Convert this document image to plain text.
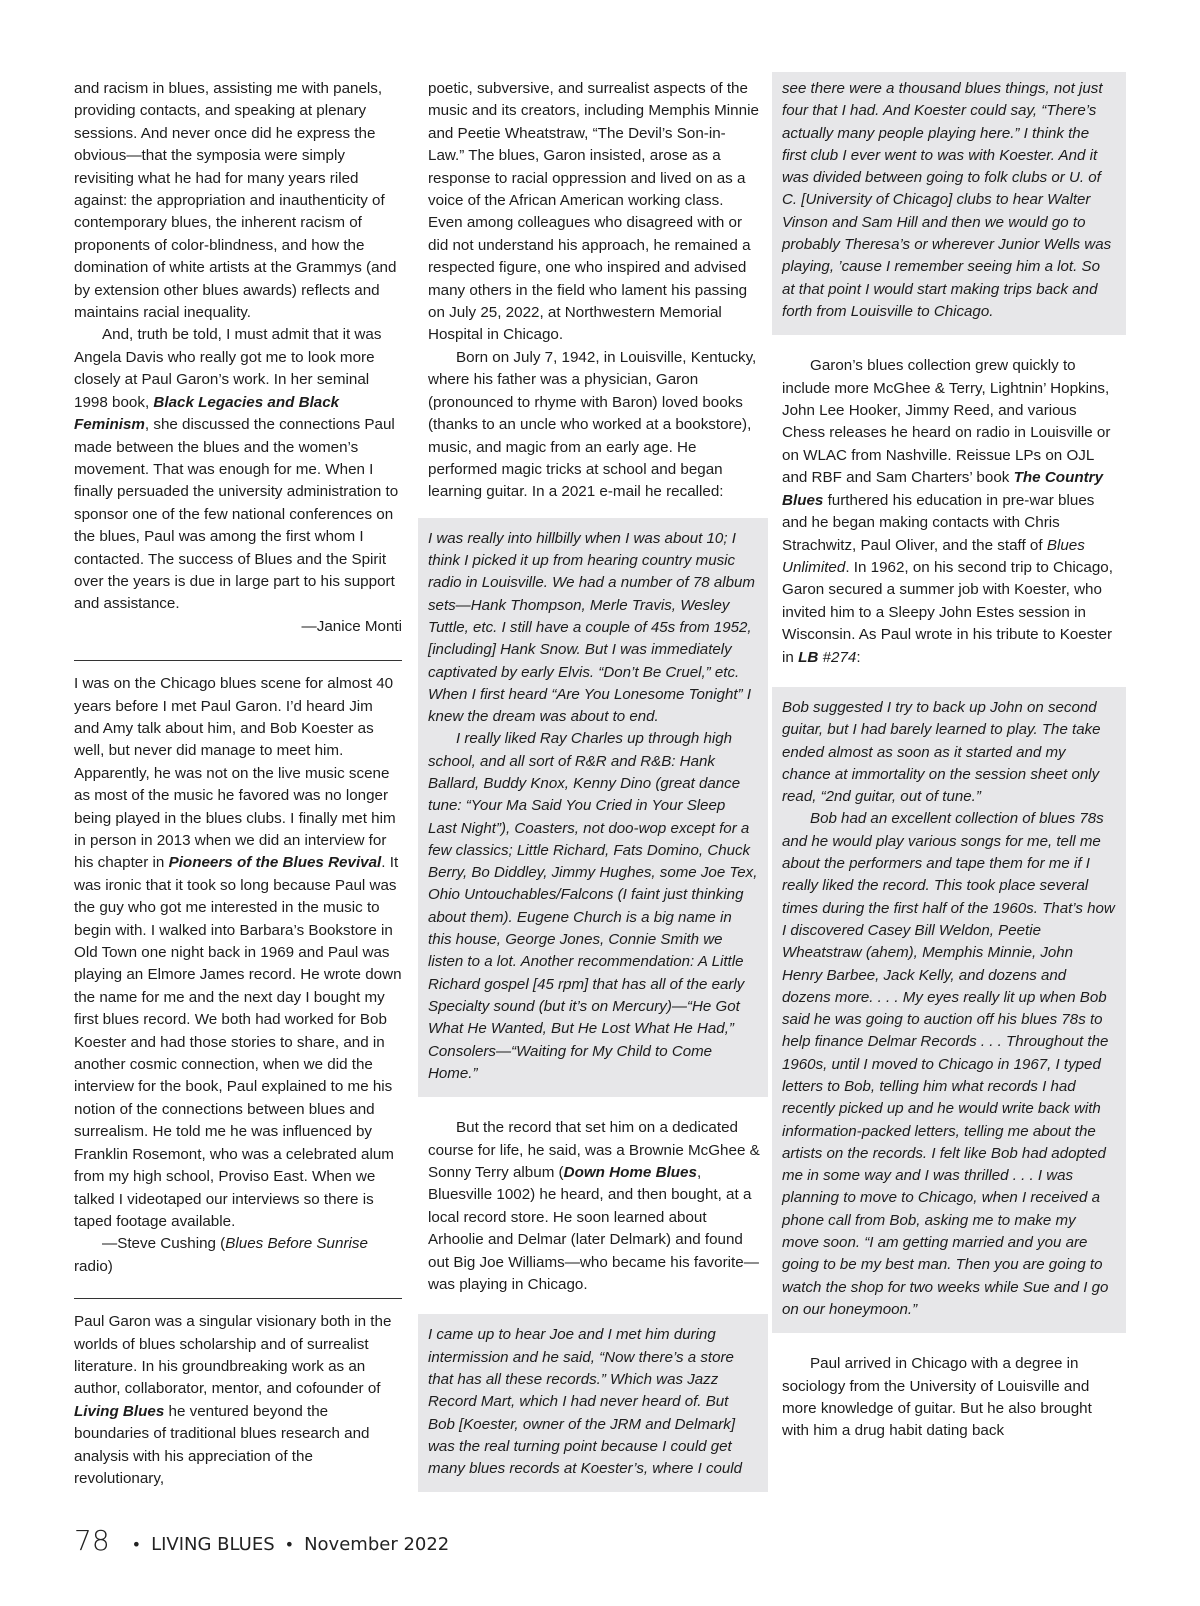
and racism in blues, assisting me with panels, providing contacts, and speaking at plenary sessions. And never once did he express the obvious—that the symposia were simply revisiting what he had for many years riled against: the appropriation and inauthenticity of contemporary blues, the inherent racism of proponents of color-blindness, and how the domination of white artists at the Grammys (and by extension other blues awards) reflects and maintains racial inequality.

And, truth be told, I must admit that it was Angela Davis who really got me to look more closely at Paul Garon’s work. In her seminal 1998 book, Black Legacies and Black Feminism, she discussed the connections Paul made between the blues and the women’s movement. That was enough for me. When I finally persuaded the university administration to sponsor one of the few national conferences on the blues, Paul was among the first whom I contacted. The success of Blues and the Spirit over the years is due in large part to his support and assistance.

—Janice Monti

I was on the Chicago blues scene for almost 40 years before I met Paul Garon. I’d heard Jim and Amy talk about him, and Bob Koester as well, but never did manage to meet him. Apparently, he was not on the live music scene as most of the music he favored was no longer being played in the blues clubs. I finally met him in person in 2013 when we did an interview for his chapter in Pioneers of the Blues Revival. It was ironic that it took so long because Paul was the guy who got me interested in the music to begin with. I walked into Barbara’s Bookstore in Old Town one night back in 1969 and Paul was playing an Elmore James record. He wrote down the name for me and the next day I bought my first blues record. We both had worked for Bob Koester and had those stories to share, and in another cosmic connection, when we did the interview for the book, Paul explained to me his notion of the connections between blues and surrealism. He told me he was influenced by Franklin Rosemont, who was a celebrated alum from my high school, Proviso East. When we talked I videotaped our interviews so there is taped footage available.

—Steve Cushing (Blues Before Sunrise radio)

Paul Garon was a singular visionary both in the worlds of blues scholarship and of surrealist literature. In his groundbreaking work as an author, collaborator, mentor, and cofounder of Living Blues he ventured beyond the boundaries of traditional blues research and analysis with his appreciation of the revolutionary,

poetic, subversive, and surrealist aspects of the music and its creators, including Memphis Minnie and Peetie Wheatstraw, “The Devil’s Son-in-Law.” The blues, Garon insisted, arose as a response to racial oppression and lived on as a voice of the African American working class. Even among colleagues who disagreed with or did not understand his approach, he remained a respected figure, one who inspired and advised many others in the field who lament his passing on July 25, 2022, at Northwestern Memorial Hospital in Chicago.

Born on July 7, 1942, in Louisville, Kentucky, where his father was a physician, Garon (pronounced to rhyme with Baron) loved books (thanks to an uncle who worked at a bookstore), music, and magic from an early age. He performed magic tricks at school and began learning guitar. In a 2021 e-mail he recalled:

I was really into hillbilly when I was about 10; I think I picked it up from hearing country music radio in Louisville. We had a number of 78 album sets—Hank Thompson, Merle Travis, Wesley Tuttle, etc. I still have a couple of 45s from 1952, [including] Hank Snow. But I was immediately captivated by early Elvis. “Don’t Be Cruel,” etc. When I first heard “Are You Lonesome Tonight” I knew the dream was about to end.

I really liked Ray Charles up through high school, and all sort of R&R and R&B: Hank Ballard, Buddy Knox, Kenny Dino (great dance tune: “Your Ma Said You Cried in Your Sleep Last Night”), Coasters, not doo-wop except for a few classics; Little Richard, Fats Domino, Chuck Berry, Bo Diddley, Jimmy Hughes, some Joe Tex, Ohio Untouchables/Falcons (I faint just thinking about them). Eugene Church is a big name in this house, George Jones, Connie Smith we listen to a lot. Another recommendation: A Little Richard gospel [45 rpm] that has all of the early Specialty sound (but it’s on Mercury)—“He Got What He Wanted, But He Lost What He Had,” Consolers—“Waiting for My Child to Come Home.”

But the record that set him on a dedicated course for life, he said, was a Brownie McGhee & Sonny Terry album (Down Home Blues, Bluesville 1002) he heard, and then bought, at a local record store. He soon learned about Arhoolie and Delmar (later Delmark) and found out Big Joe Williams—who became his favorite—was playing in Chicago.

I came up to hear Joe and I met him during intermission and he said, “Now there’s a store that has all these records.” Which was Jazz Record Mart, which I had never heard of. But Bob [Koester, owner of the JRM and Delmark] was the real turning point because I could get many blues records at Koester’s, where I could

see there were a thousand blues things, not just four that I had. And Koester could say, “There’s actually many people playing here.” I think the first club I ever went to was with Koester. And it was divided between going to folk clubs or U. of C. [University of Chicago] clubs to hear Walter Vinson and Sam Hill and then we would go to probably Theresa’s or wherever Junior Wells was playing, ’cause I remember seeing him a lot. So at that point I would start making trips back and forth from Louisville to Chicago.

Garon’s blues collection grew quickly to include more McGhee & Terry, Lightnin’ Hopkins, John Lee Hooker, Jimmy Reed, and various Chess releases he heard on radio in Louisville or on WLAC from Nashville. Reissue LPs on OJL and RBF and Sam Charters’ book The Country Blues furthered his education in pre-war blues and he began making contacts with Chris Strachwitz, Paul Oliver, and the staff of Blues Unlimited. In 1962, on his second trip to Chicago, Garon secured a summer job with Koester, who invited him to a Sleepy John Estes session in Wisconsin. As Paul wrote in his tribute to Koester in LB #274:

Bob suggested I try to back up John on second guitar, but I had barely learned to play. The take ended almost as soon as it started and my chance at immortality on the session sheet only read, “2nd guitar, out of tune.”

Bob had an excellent collection of blues 78s and he would play various songs for me, tell me about the performers and tape them for me if I really liked the record. This took place several times during the first half of the 1960s. That’s how I discovered Casey Bill Weldon, Peetie Wheatstraw (ahem), Memphis Minnie, John Henry Barbee, Jack Kelly, and dozens and dozens more. . . . My eyes really lit up when Bob said he was going to auction off his blues 78s to help finance Delmar Records . . . Throughout the 1960s, until I moved to Chicago in 1967, I typed letters to Bob, telling him what records I had recently picked up and he would write back with information-packed letters, telling me about the artists on the records. I felt like Bob had adopted me in some way and I was thrilled . . . I was planning to move to Chicago, when I received a phone call from Bob, asking me to make my move soon. “I am getting married and you are going to be my best man. Then you are going to watch the shop for two weeks while Sue and I go on our honeymoon.”

Paul arrived in Chicago with a degree in sociology from the University of Louisville and more knowledge of guitar. But he also brought with him a drug habit dating back

78 • LIVING BLUES • November 2022
